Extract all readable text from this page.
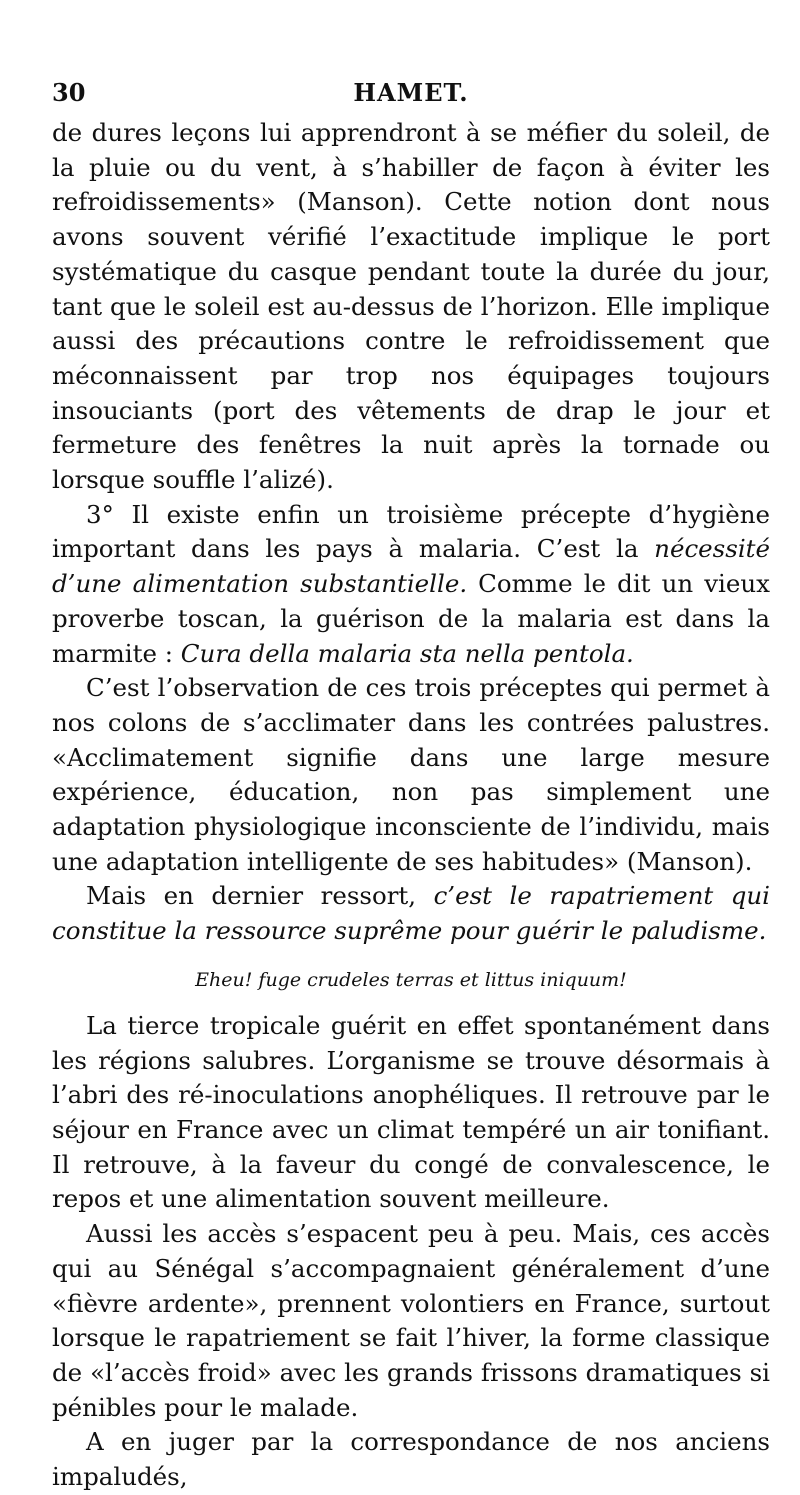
30	HAMET.

de dures leçons lui apprendront à se méfier du soleil, de la pluie ou du vent, à s’habiller de façon à éviter les refroidissements» (Manson). Cette notion dont nous avons souvent vérifié l’exactitude implique le port systématique du casque pendant toute la durée du jour, tant que le soleil est au-dessus de l’horizon. Elle implique aussi des précautions contre le refroidissement que méconnaissent par trop nos équipages toujours insouciants (port des vêtements de drap le jour et fermeture des fenêtres la nuit après la tornade ou lorsque souffle l’alizé).

3° Il existe enfin un troisième précepte d’hygiène important dans les pays à malaria. C’est la nécessité d’une alimentation substantielle. Comme le dit un vieux proverbe toscan, la guérison de la malaria est dans la marmite : Cura della malaria sta nella pentola.

C’est l’observation de ces trois préceptes qui permet à nos colons de s’acclimater dans les contrées palustres. «Acclimatement signifie dans une large mesure expérience, éducation, non pas simplement une adaptation physiologique inconsciente de l’individu, mais une adaptation intelligente de ses habitudes» (Manson).

Mais en dernier ressort, c’est le rapatriement qui constitue la ressource suprême pour guérir le paludisme.

Eheu! fuge crudeles terras et littus iniquum!

La tierce tropicale guérit en effet spontanément dans les régions salubres. L’organisme se trouve désormais à l’abri des ré-inoculations anophéliques. Il retrouve par le séjour en France avec un climat tempéré un air tonifiant. Il retrouve, à la faveur du congé de convalescence, le repos et une alimentation souvent meilleure.

Aussi les accès s’espacent peu à peu. Mais, ces accès qui au Sénégal s’accompagnaient généralement d’une «fièvre ardente», prennent volontiers en France, surtout lorsque le rapatriement se fait l’hiver, la forme classique de «l’accès froid» avec les grands frissons dramatiques si pénibles pour le malade.

A en juger par la correspondance de nos anciens impaludés,
